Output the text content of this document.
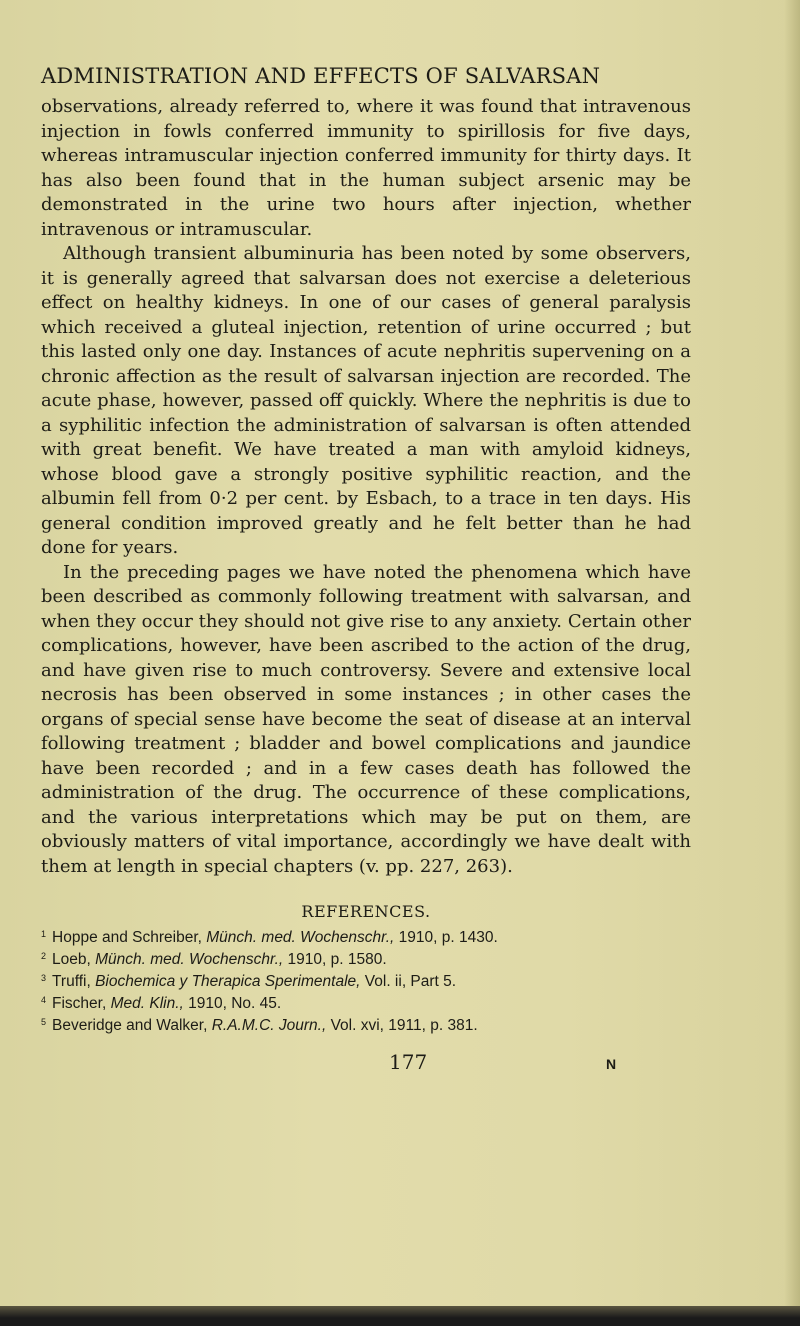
ADMINISTRATION AND EFFECTS OF SALVARSAN

observations, already referred to, where it was found that intravenous injection in fowls conferred immunity to spirillosis for five days, whereas intramuscular injection conferred immunity for thirty days. It has also been found that in the human subject arsenic may be demonstrated in the urine two hours after injection, whether intravenous or intramuscular.

Although transient albuminuria has been noted by some observers, it is generally agreed that salvarsan does not exercise a deleterious effect on healthy kidneys. In one of our cases of general paralysis which received a gluteal injection, retention of urine occurred ; but this lasted only one day. Instances of acute nephritis supervening on a chronic affection as the result of salvarsan injection are recorded. The acute phase, however, passed off quickly. Where the nephritis is due to a syphilitic infection the administration of salvarsan is often attended with great benefit. We have treated a man with amyloid kidneys, whose blood gave a strongly positive syphilitic reaction, and the albumin fell from 0·2 per cent. by Esbach, to a trace in ten days. His general condition improved greatly and he felt better than he had done for years.

In the preceding pages we have noted the phenomena which have been described as commonly following treatment with salvarsan, and when they occur they should not give rise to any anxiety. Certain other complications, however, have been ascribed to the action of the drug, and have given rise to much controversy. Severe and extensive local necrosis has been observed in some instances ; in other cases the organs of special sense have become the seat of disease at an interval following treatment ; bladder and bowel complications and jaundice have been recorded ; and in a few cases death has followed the administration of the drug. The occurrence of these complications, and the various interpretations which may be put on them, are obviously matters of vital importance, accordingly we have dealt with them at length in special chapters (v. pp. 227, 263).

REFERENCES.
$^1$ Hoppe and Schreiber, Münch. med. Wochenschr., 1910, p. 1430.
$^2$ Loeb, Münch. med. Wochenschr., 1910, p. 1580.
$^3$ Truffi, Biochemica y Therapica Sperimentale, Vol. ii, Part 5.
$^4$ Fischer, Med. Klin., 1910, No. 45.
$^5$ Beveridge and Walker, R.A.M.C. Journ., Vol. xvi, 1911, p. 381.
177	N
